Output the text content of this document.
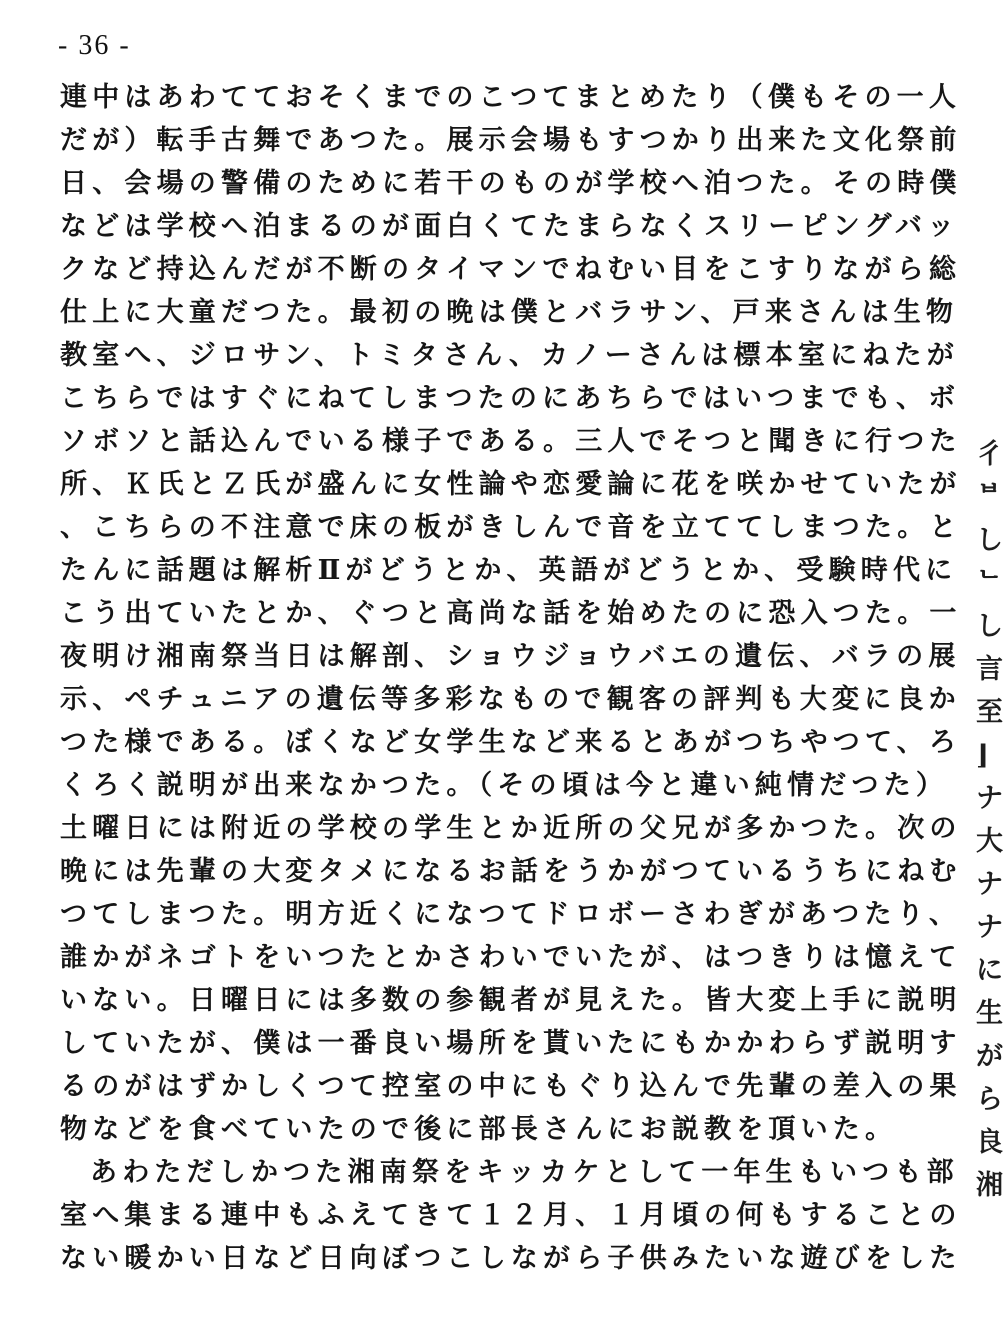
- 36 -
連中はあわてておそくまでのこつてまとめたり（僕もその一人
だが）転手古舞であつた。展示会場もすつかり出来た文化祭前
日、会場の警備のために若干のものが学校へ泊つた。その時僕
などは学校へ泊まるのが面白くてたまらなくスリーピングバッ
クなど持込んだが不断のタイマンでねむい目をこすりながら総
仕上に大童だつた。最初の晩は僕とバラサン、戸来さんは生物
教室へ、ジロサン、トミタさん、カノーさんは標本室にねたが
こちらではすぐにねてしまつたのにあちらではいつまでも、ボ
ソボソと話込んでいる様子である。三人でそつと聞きに行つた
所、Ｋ氏とＺ氏が盛んに女性論や恋愛論に花を咲かせていたが
、こちらの不注意で床の板がきしんで音を立ててしまつた。と
たんに話題は解析Ⅱがどうとか、英語がどうとか、受験時代に
こう出ていたとか、ぐつと高尚な話を始めたのに恐入つた。一
夜明け湘南祭当日は解剖、ショウジョウバエの遺伝、バラの展
示、ペチュニアの遺伝等多彩なもので観客の評判も大変に良か
つた様である。ぼくなど女学生など来るとあがつちやつて、ろ
くろく説明が出来なかつた。（その頃は今と違い純情だつた）
土曜日には附近の学校の学生とか近所の父兄が多かつた。次の
晩には先輩の大変タメになるお話をうかがつているうちにねむ
つてしまつた。明方近くになつてドロボーさわぎがあつたり、
誰かがネゴトをいつたとかさわいでいたが、はつきりは憶えて
いない。日曜日には多数の参観者が見えた。皆大変上手に説明
していたが、僕は一番良い場所を貰いたにもかかわらず説明す
るのがはずかしくつて控室の中にもぐり込んで先輩の差入の果
物などを食べていたので後に部長さんにお説教を頂いた。
あわただしかつた湘南祭をキッカケとして一年生もいつも部
室へ集まる連中もふえてきて１２月、１月頃の何もすることの
ない暖かい日など日向ぼつこしながら子供みたいな遊びをした
彳
ᄇ
し
ᄂ
し
言
至
⌋
ナ
大
ナ
ナ
に
生
が
ら
良
湘
